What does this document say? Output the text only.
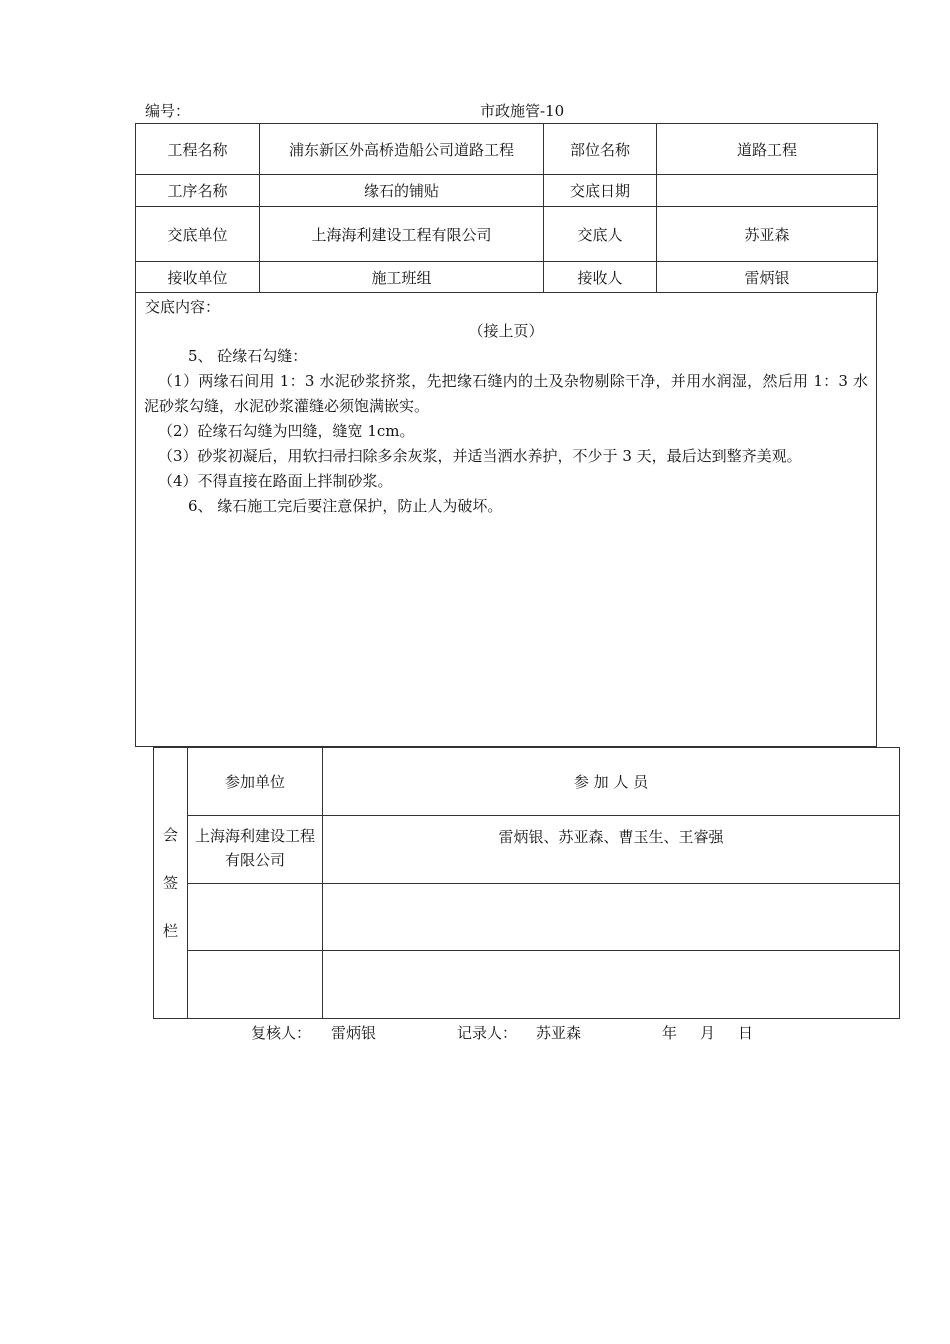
编号：	市政施管-10
工程名称	浦东新区外高桥造船公司道路工程	部位名称	道路工程
工序名称	缘石的铺贴	交底日期	
交底单位	上海海利建设工程有限公司	交底人	苏亚森
接收单位	施工班组	接收人	雷炳银
交底内容：
（接上页）

5、 砼缘石勾缝：

（1）两缘石间用 1：3 水泥砂浆挤浆，先把缘石缝内的土及杂物剔除干净，并用水润湿，然后用 1：3 水泥砂浆勾缝，水泥砂浆灌缝必须饱满嵌实。

（2）砼缘石勾缝为凹缝，缝宽 1cm。

（3）砂浆初凝后，用软扫帚扫除多余灰浆，并适当洒水养护，不少于 3 天，最后达到整齐美观。

（4）不得直接在路面上拌制砂浆。

6、 缘石施工完后要注意保护，防止人为破坏。

会
签
栏	参加单位	参 加 人 员
	上海海利建设工程有限公司	雷炳银、苏亚森、曹玉生、王睿强

复核人： 雷炳银	记录人： 苏亚森	年 月 日
